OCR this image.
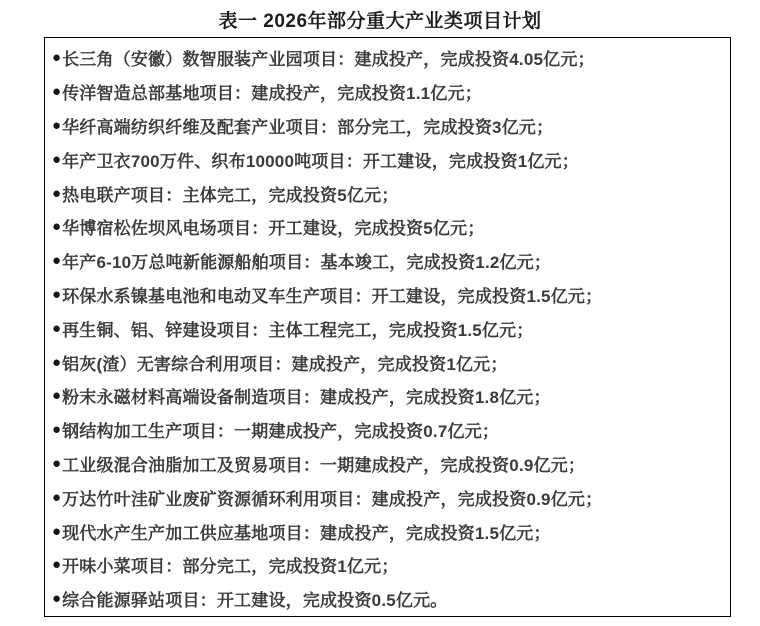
表一 2026年部分重大产业类项目计划
● 长三角（安徽）数智服装产业园项目：建成投产，完成投资4.05亿元；
● 传洋智造总部基地项目：建成投产，完成投资1.1亿元；
● 华纤高端纺织纤维及配套产业项目：部分完工，完成投资3亿元；
● 年产卫衣700万件、织布10000吨项目：开工建设，完成投资1亿元；
● 热电联产项目：主体完工，完成投资5亿元；
● 华博宿松佐坝风电场项目：开工建设，完成投资5亿元；
● 年产6-10万总吨新能源船舶项目：基本竣工，完成投资1.2亿元；
● 环保水系镍基电池和电动叉车生产项目：开工建设，完成投资1.5亿元；
● 再生铜、铝、锌建设项目：主体工程完工，完成投资1.5亿元；
● 铝灰(渣）无害综合利用项目：建成投产，完成投资1亿元；
● 粉末永磁材料高端设备制造项目：建成投产，完成投资1.8亿元；
● 钢结构加工生产项目：一期建成投产，完成投资0.7亿元；
● 工业级混合油脂加工及贸易项目：一期建成投产，完成投资0.9亿元；
● 万达竹叶洼矿业废矿资源循环利用项目：建成投产，完成投资0.9亿元；
● 现代水产生产加工供应基地项目：建成投产，完成投资1.5亿元；
● 开味小菜项目：部分完工，完成投资1亿元；
● 综合能源驿站项目：开工建设，完成投资0.5亿元。
